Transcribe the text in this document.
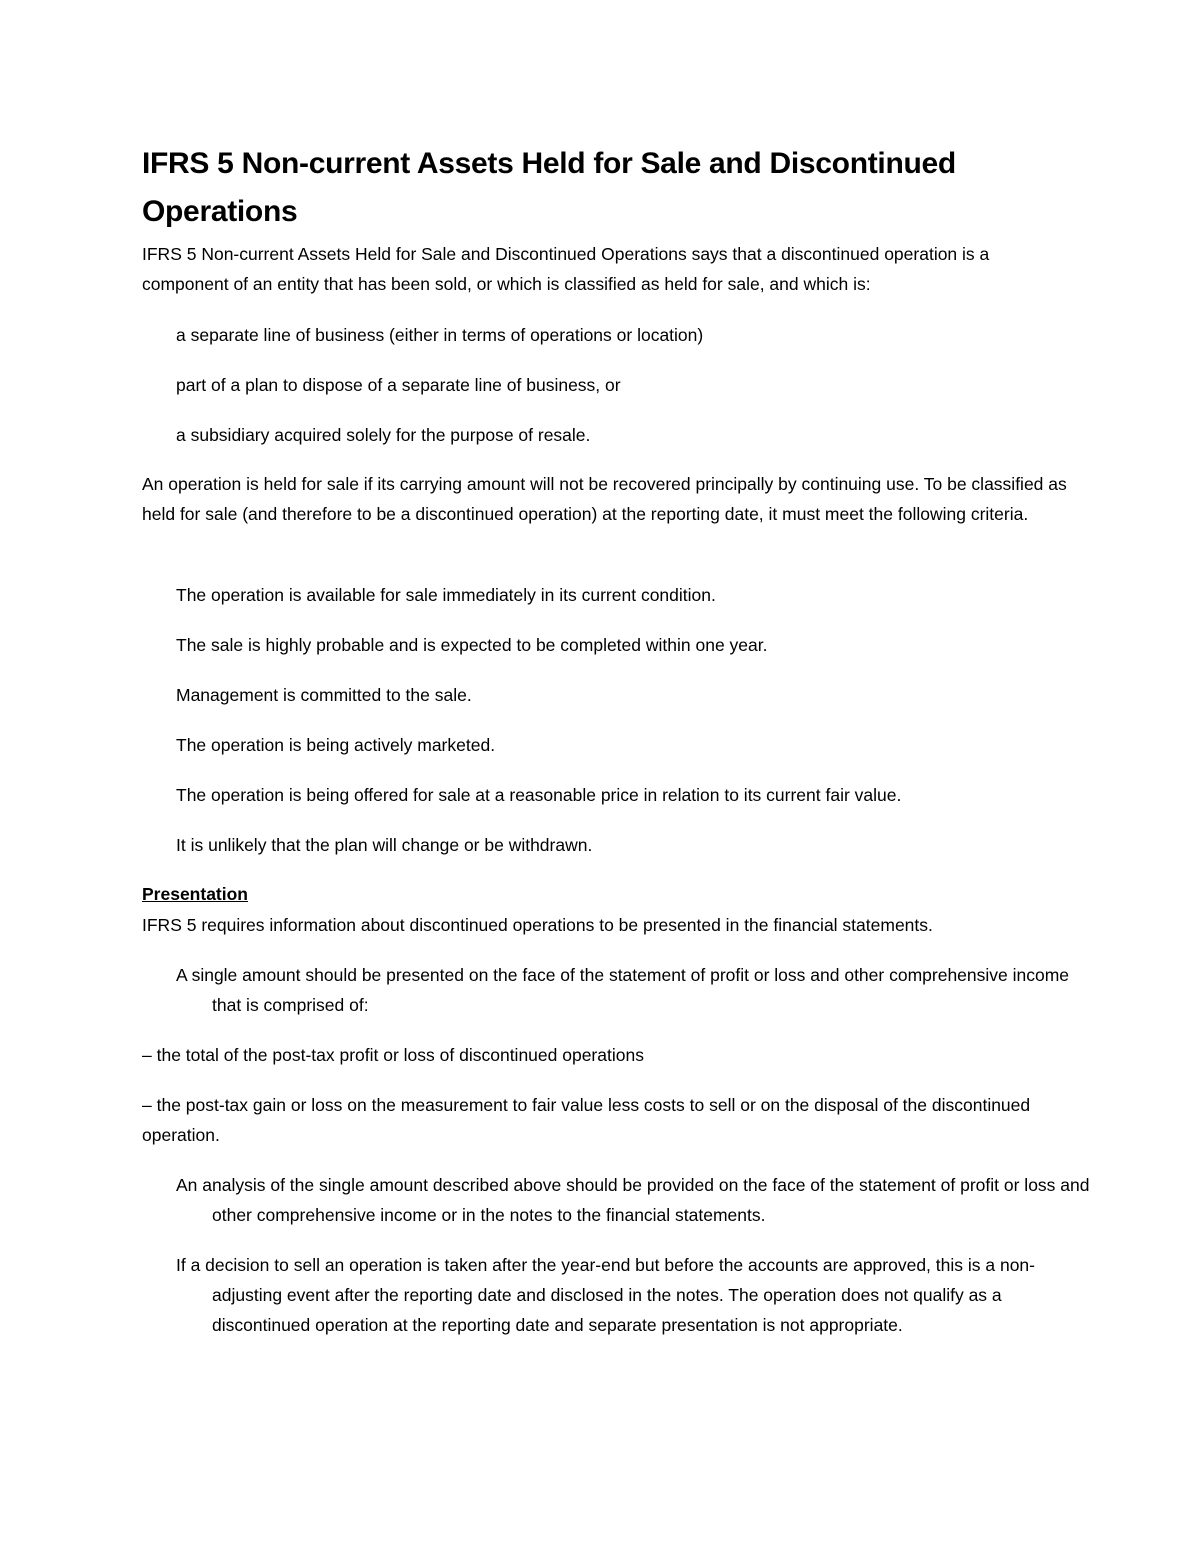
IFRS 5 Non-current Assets Held for Sale and Discontinued Operations

IFRS 5 Non-current Assets Held for Sale and Discontinued Operations says that a discontinued operation is a component of an entity that has been sold, or which is classified as held for sale, and which is:

a separate line of business (either in terms of operations or location)

part of a plan to dispose of a separate line of business, or

a subsidiary acquired solely for the purpose of resale.

An operation is held for sale if its carrying amount will not be recovered principally by continuing use. To be classified as held for sale (and therefore to be a discontinued operation) at the reporting date, it must meet the following criteria.

The operation is available for sale immediately in its current condition.

The sale is highly probable and is expected to be completed within one year.

Management is committed to the sale.

The operation is being actively marketed.

The operation is being offered for sale at a reasonable price in relation to its current fair value.

It is unlikely that the plan will change or be withdrawn.

Presentation

IFRS 5 requires information about discontinued operations to be presented in the financial statements.

A single amount should be presented on the face of the statement of profit or loss and other comprehensive income that is comprised of:

– the total of the post-tax profit or loss of discontinued operations

– the post-tax gain or loss on the measurement to fair value less costs to sell or on the disposal of the discontinued operation.

An analysis of the single amount described above should be provided on the face of the statement of profit or loss and other comprehensive income or in the notes to the financial statements.

If a decision to sell an operation is taken after the year-end but before the accounts are approved, this is a non-adjusting event after the reporting date and disclosed in the notes. The operation does not qualify as a discontinued operation at the reporting date and separate presentation is not appropriate.
